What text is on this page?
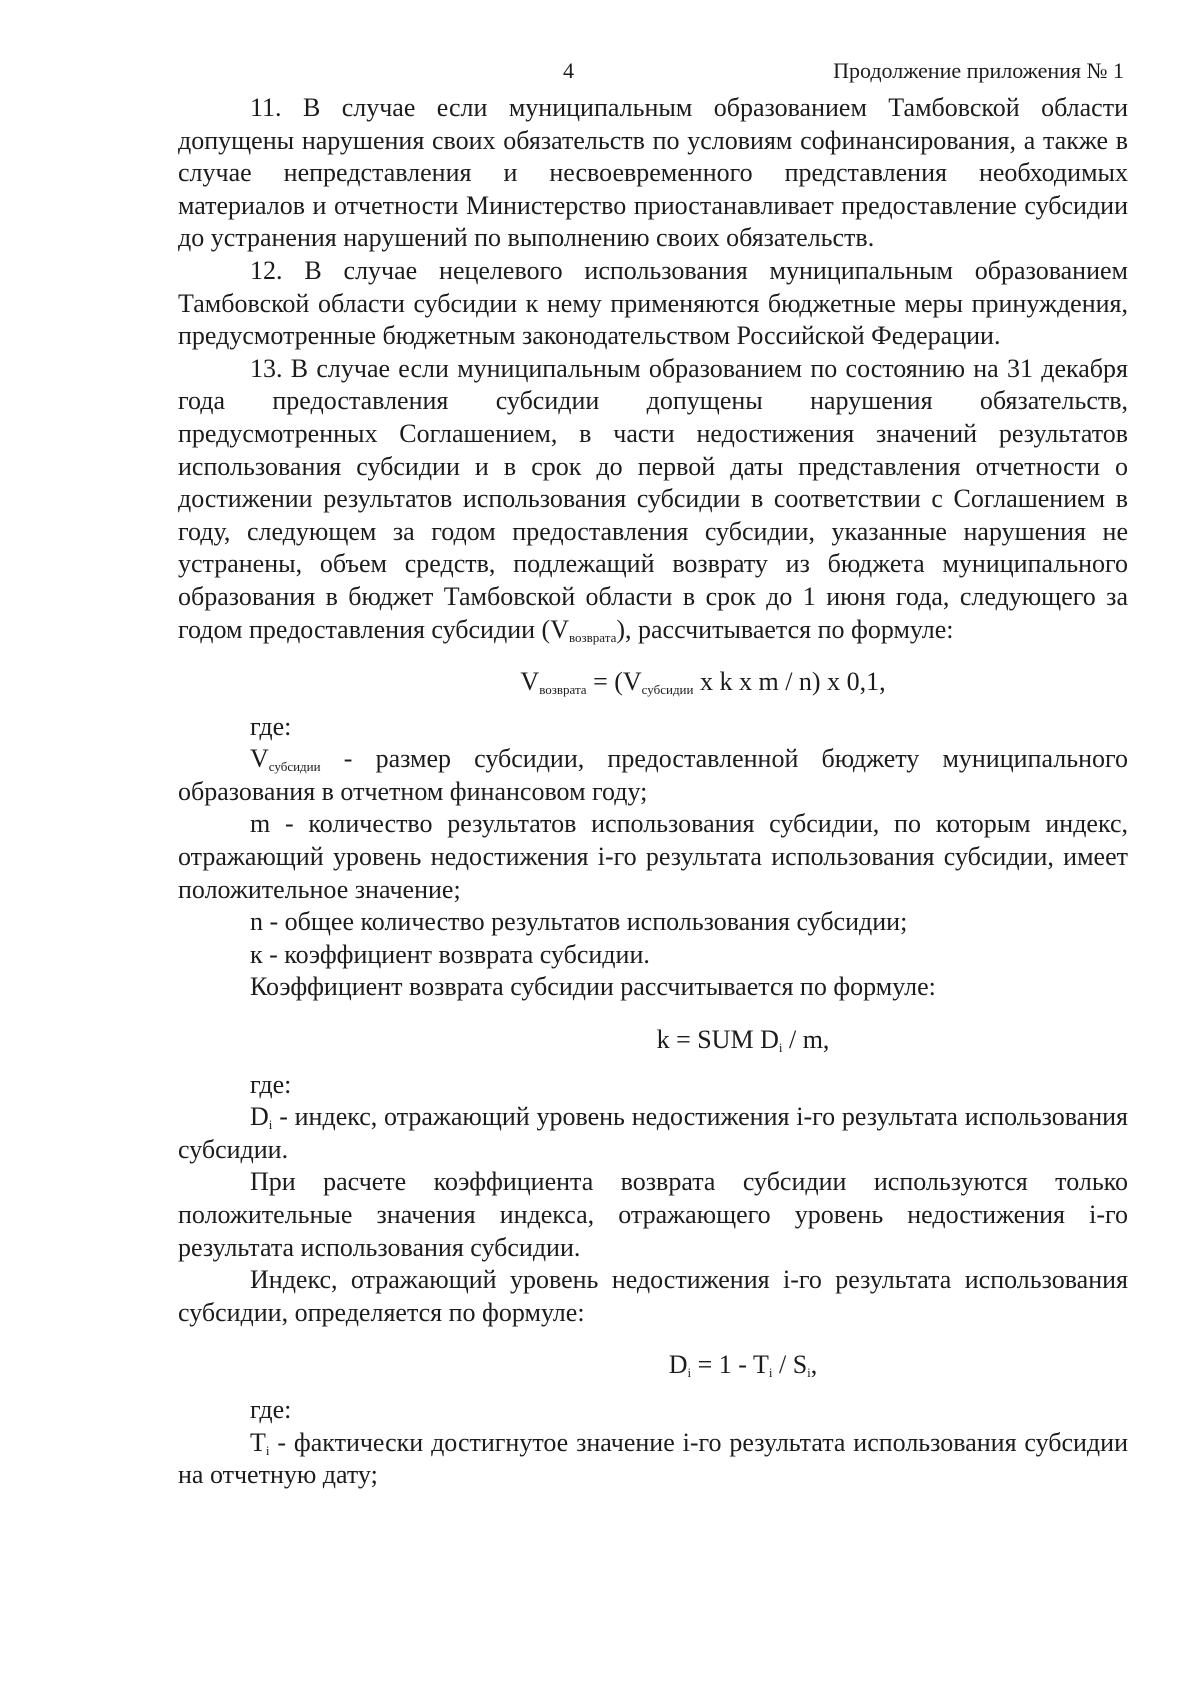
4	Продолжение приложения № 1

11. В случае если муниципальным образованием Тамбовской области допущены нарушения своих обязательств по условиям софинансирования, а также в случае непредставления и несвоевременного представления необходимых материалов и отчетности Министерство приостанавливает предоставление субсидии до устранения нарушений по выполнению своих обязательств.

12. В случае нецелевого использования муниципальным образованием Тамбовской области субсидии к нему применяются бюджетные меры принуждения, предусмотренные бюджетным законодательством Российской Федерации.

13. В случае если муниципальным образованием по состоянию на 31 декабря года предоставления субсидии допущены нарушения обязательств, предусмотренных Соглашением, в части недостижения значений результатов использования субсидии и в срок до первой даты представления отчетности о достижении результатов использования субсидии в соответствии с Соглашением в году, следующем за годом предоставления субсидии, указанные нарушения не устранены, объем средств, подлежащий возврату из бюджета муниципального образования в бюджет Тамбовской области в срок до 1 июня года, следующего за годом предоставления субсидии $(V_{возврата})$, рассчитывается по формуле:

$V_{возврата} = (V_{субсидии}$ x k x m / n) x 0,1,

где:

$V_{субсидии}$ - размер субсидии, предоставленной бюджету муниципального образования в отчетном финансовом году;

m - количество результатов использования субсидии, по которым индекс, отражающий уровень недостижения i-го результата использования субсидии, имеет положительное значение;

n - общее количество результатов использования субсидии;

к - коэффициент возврата субсидии.

Коэффициент возврата субсидии рассчитывается по формуле:

k = SUM $D_i$ / m,

где:

$D_i$ - индекс, отражающий уровень недостижения i-го результата использования субсидии.

При расчете коэффициента возврата субсидии используются только положительные значения индекса, отражающего уровень недостижения i-го результата использования субсидии.

Индекс, отражающий уровень недостижения i-го результата использования субсидии, определяется по формуле:

$D_i = 1 - T_i / S_i$,

где:

$T_i$ - фактически достигнутое значение i-го результата использования субсидии на отчетную дату;
